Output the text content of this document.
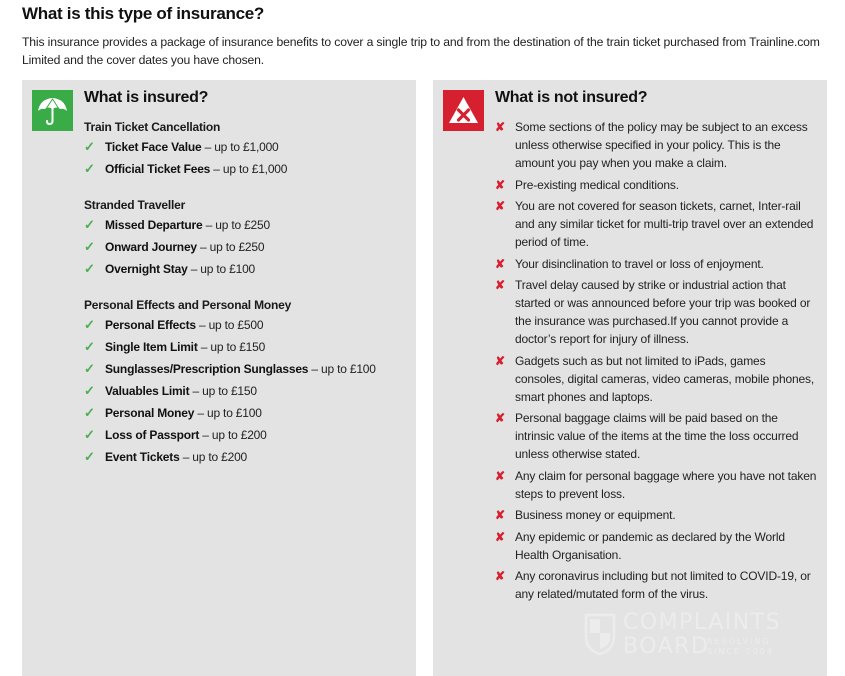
What is this type of insurance?
This insurance provides a package of insurance benefits to cover a single trip to and from the destination of the train ticket purchased from Trainline.com Limited and the cover dates you have chosen.
What is insured?
Train Ticket Cancellation
✓ Ticket Face Value – up to £1,000
✓ Official Ticket Fees – up to £1,000
Stranded Traveller
✓ Missed Departure – up to £250
✓ Onward Journey – up to £250
✓ Overnight Stay – up to £100
Personal Effects and Personal Money
✓ Personal Effects – up to £500
✓ Single Item Limit – up to £150
✓ Sunglasses/Prescription Sunglasses – up to £100
✓ Valuables Limit – up to £150
✓ Personal Money – up to £100
✓ Loss of Passport – up to £200
✓ Event Tickets – up to £200
What is not insured?
✘ Some sections of the policy may be subject to an excess unless otherwise specified in your policy. This is the amount you pay when you make a claim.
✘ Pre-existing medical conditions.
✘ You are not covered for season tickets, carnet, Inter-rail and any similar ticket for multi-trip travel over an extended period of time.
✘ Your disinclination to travel or loss of enjoyment.
✘ Travel delay caused by strike or industrial action that started or was announced before your trip was booked or the insurance was purchased.If you cannot provide a doctor’s report for injury of illness.
✘ Gadgets such as but not limited to iPads, games consoles, digital cameras, video cameras, mobile phones, smart phones and laptops.
✘ Personal baggage claims will be paid based on the intrinsic value of the items at the time the loss occurred unless otherwise stated.
✘ Any claim for personal baggage where you have not taken steps to prevent loss.
✘ Business money or equipment.
✘ Any epidemic or pandemic as declared by the World Health Organisation.
✘ Any coronavirus including but not limited to COVID-19, or any related/mutated form of the virus.
COMPLAINTS
BOARD
RESOLVING
SINCE 2004
